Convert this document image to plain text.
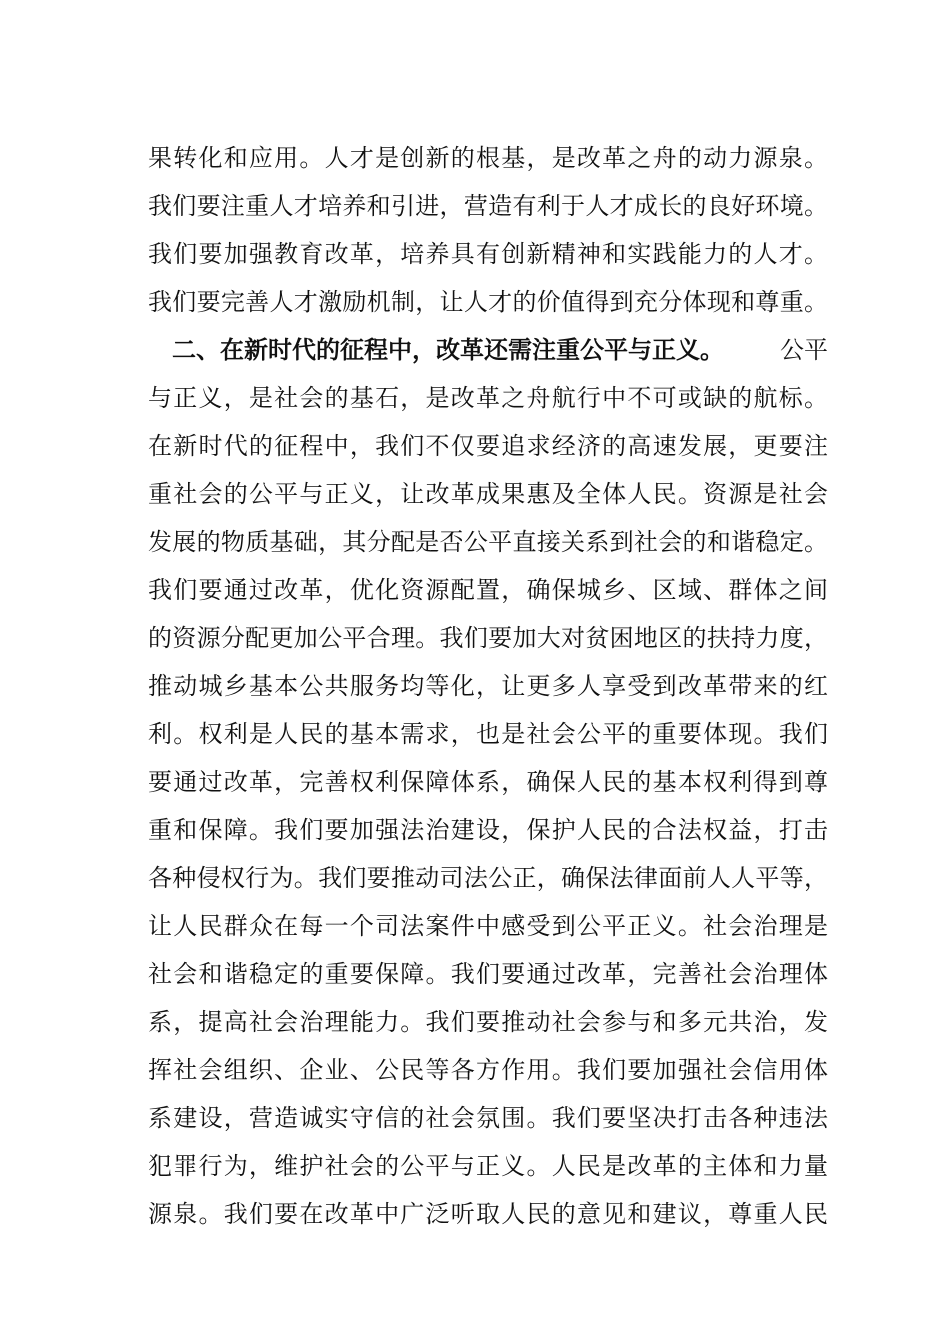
果转化和应用。人才是创新的根基，是改革之舟的动力源泉。
我们要注重人才培养和引进，营造有利于人才成长的良好环境。
我们要加强教育改革，培养具有创新精神和实践能力的人才。
我们要完善人才激励机制，让人才的价值得到充分体现和尊重。
二、在新时代的征程中，改革还需注重公平与正义。 公平
与正义，是社会的基石，是改革之舟航行中不可或缺的航标。
在新时代的征程中，我们不仅要追求经济的高速发展，更要注
重社会的公平与正义，让改革成果惠及全体人民。资源是社会
发展的物质基础，其分配是否公平直接关系到社会的和谐稳定。
我们要通过改革，优化资源配置，确保城乡、区域、群体之间
的资源分配更加公平合理。我们要加大对贫困地区的扶持力度，
推动城乡基本公共服务均等化，让更多人享受到改革带来的红
利。权利是人民的基本需求，也是社会公平的重要体现。我们
要通过改革，完善权利保障体系，确保人民的基本权利得到尊
重和保障。我们要加强法治建设，保护人民的合法权益，打击
各种侵权行为。我们要推动司法公正，确保法律面前人人平等，
让人民群众在每一个司法案件中感受到公平正义。社会治理是
社会和谐稳定的重要保障。我们要通过改革，完善社会治理体
系，提高社会治理能力。我们要推动社会参与和多元共治，发
挥社会组织、企业、公民等各方作用。我们要加强社会信用体
系建设，营造诚实守信的社会氛围。我们要坚决打击各种违法
犯罪行为，维护社会的公平与正义。人民是改革的主体和力量
源泉。我们要在改革中广泛听取人民的意见和建议，尊重人民
